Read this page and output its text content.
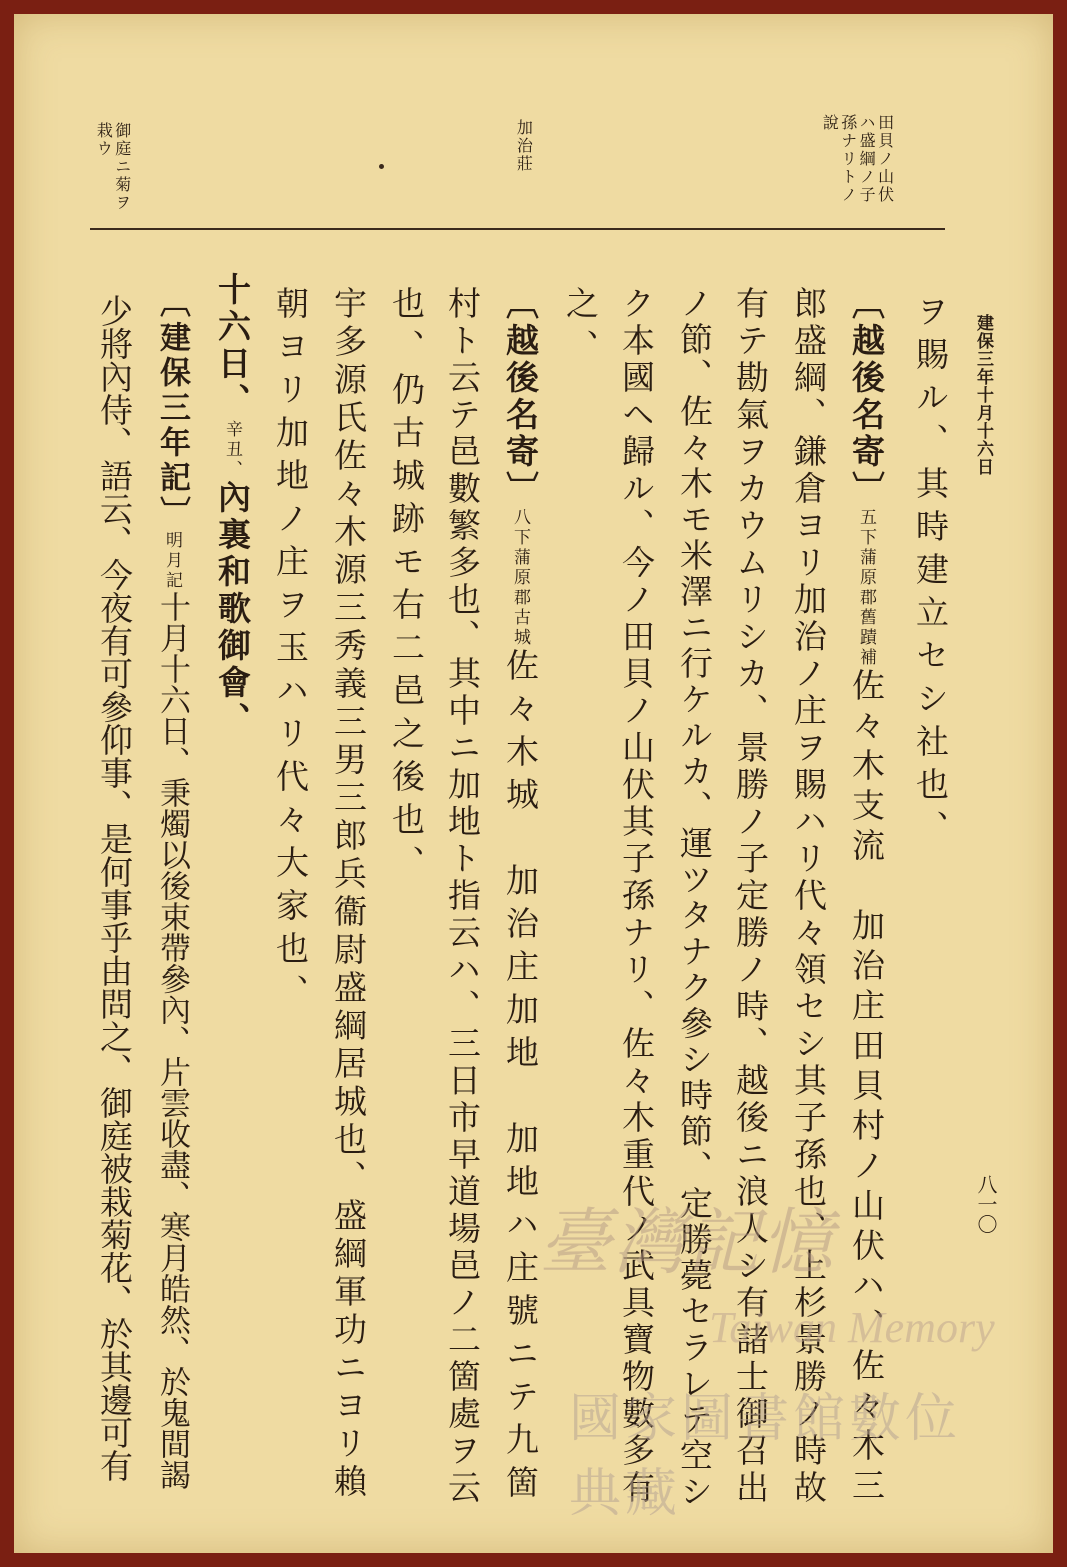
建保三年十月十六日
八一〇
田貝ノ山伏ハ盛綱ノ子孫ナリトノ說
加治莊
御庭ニ菊ヲ栽ウ
ヲ賜ル、其時建立セシ社也、
〔越後名寄〕五下蒲原郡舊蹟補佐々木支流　加治庄田貝村ノ山伏ハ、佐々木三
郎盛綱、鎌倉ヨリ加治ノ庄ヲ賜ハリ代々領セシ其子孫也、上杉景勝ノ時故
有テ勘氣ヲカウムリシカ、景勝ノ子定勝ノ時、越後ニ浪人シ有諸士御召出
ノ節、佐々木モ米澤ニ行ケルカ、運ツタナク參シ時節、定勝薨セラレテ空シ
ク本國ヘ歸ル、今ノ田貝ノ山伏其子孫ナリ、佐々木重代ノ武具寶物數多有
之、
〔越後名寄〕八下蒲原郡古城佐々木城　加治庄加地　加地ハ庄號ニテ九箇
村ト云テ邑數繁多也、其中ニ加地ト指云ハ、三日市早道場邑ノ二箇處ヲ云
也、仍古城跡モ右二邑之後也、
宇多源氏佐々木源三秀義三男三郎兵衞尉盛綱居城也、盛綱軍功ニヨリ賴
朝ヨリ加地ノ庄ヲ玉ハリ代々大家也、
十六日、辛丑、內裏和歌御會、
〔建保三年記〕明月記十月十六日、秉燭以後束帶參內、片雲收盡、寒月皓然、於鬼間謁
少將內侍、語云、今夜有可參仰事、是何事乎由問之、御庭被栽菊花、於其邊可有	臺灣記憶
Taiwan Memory
國家圖書館數位典藏
